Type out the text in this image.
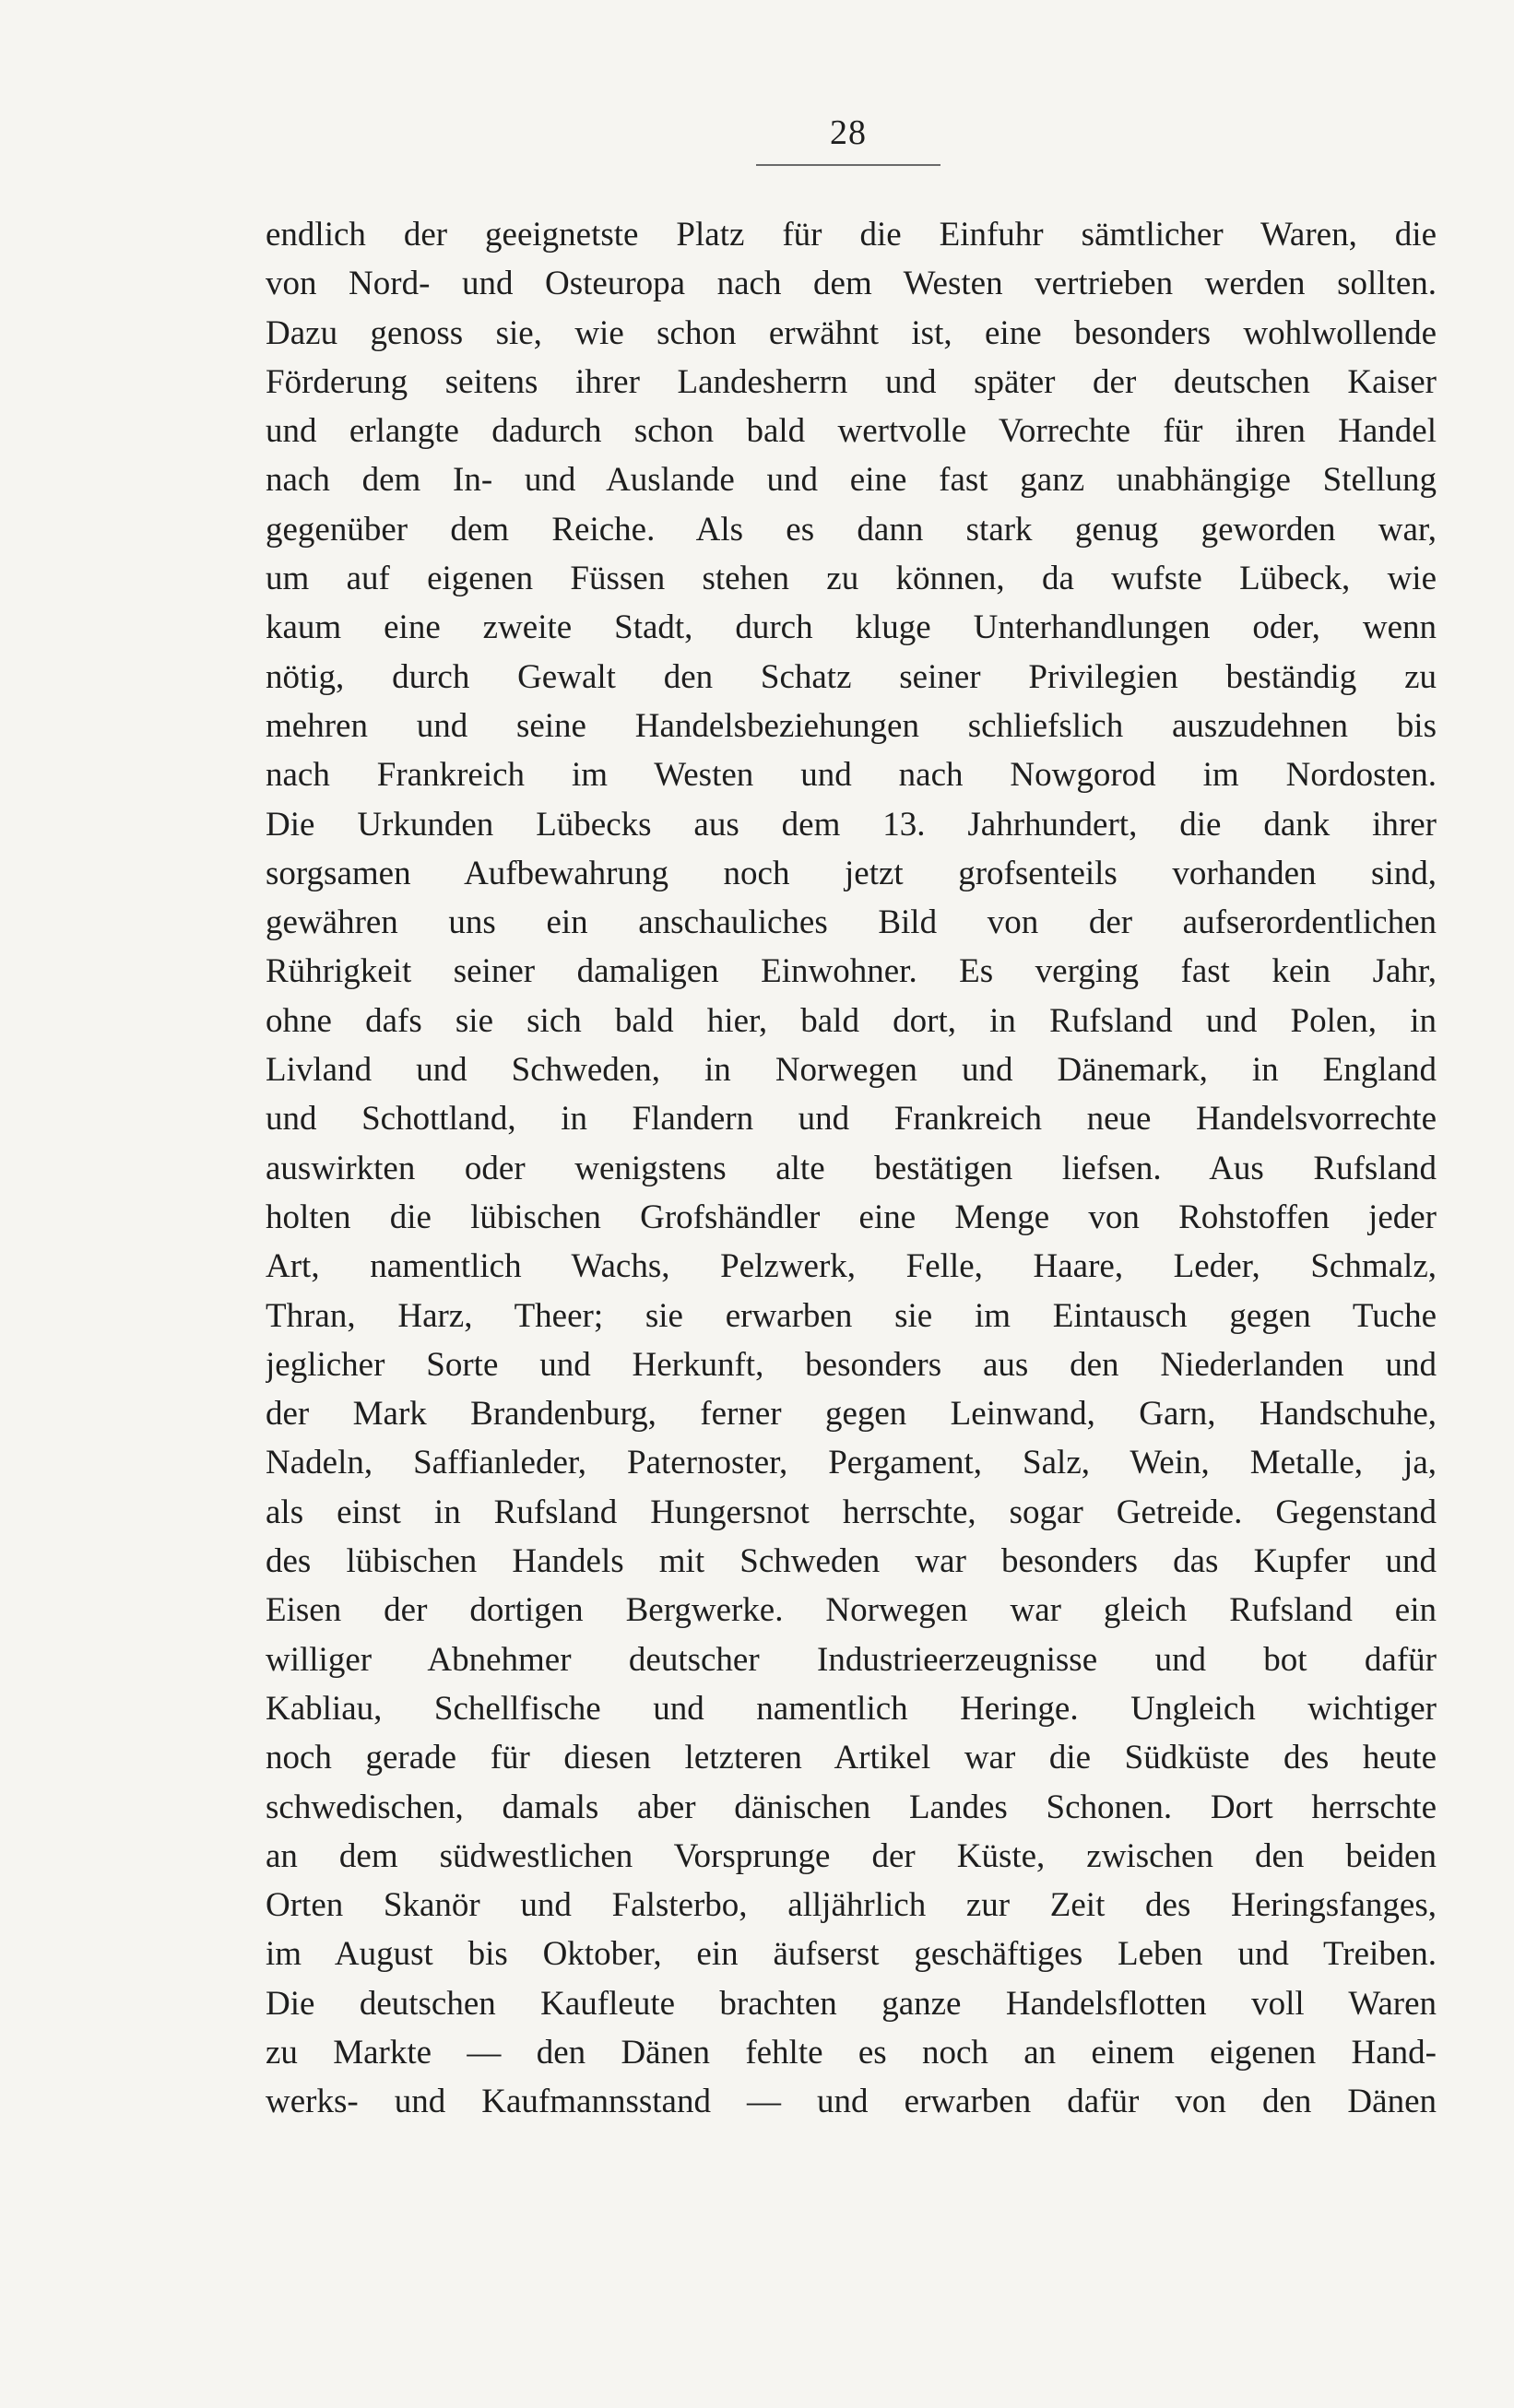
28
endlich der geeignetste Platz für die Einfuhr sämtlicher Waren, die
von Nord- und Osteuropa nach dem Westen vertrieben werden sollten.
Dazu genoss sie, wie schon erwähnt ist, eine besonders wohlwollende
Förderung seitens ihrer Landesherrn und später der deutschen Kaiser
und erlangte dadurch schon bald wertvolle Vorrechte für ihren Handel
nach dem In- und Auslande und eine fast ganz unabhängige Stellung
gegenüber dem Reiche. Als es dann stark genug geworden war,
um auf eigenen Füssen stehen zu können, da wufste Lübeck, wie
kaum eine zweite Stadt, durch kluge Unterhandlungen oder, wenn
nötig, durch Gewalt den Schatz seiner Privilegien beständig zu
mehren und seine Handelsbeziehungen schliefslich auszudehnen bis
nach Frankreich im Westen und nach Nowgorod im Nordosten.
Die Urkunden Lübecks aus dem 13. Jahrhundert, die dank ihrer
sorgsamen Aufbewahrung noch jetzt grofsenteils vorhanden sind,
gewähren uns ein anschauliches Bild von der aufserordentlichen
Rührigkeit seiner damaligen Einwohner. Es verging fast kein Jahr,
ohne dafs sie sich bald hier, bald dort, in Rufsland und Polen, in
Livland und Schweden, in Norwegen und Dänemark, in England
und Schottland, in Flandern und Frankreich neue Handelsvorrechte
auswirkten oder wenigstens alte bestätigen liefsen. Aus Rufsland
holten die lübischen Grofshändler eine Menge von Rohstoffen jeder
Art, namentlich Wachs, Pelzwerk, Felle, Haare, Leder, Schmalz,
Thran, Harz, Theer; sie erwarben sie im Eintausch gegen Tuche
jeglicher Sorte und Herkunft, besonders aus den Niederlanden und
der Mark Brandenburg, ferner gegen Leinwand, Garn, Handschuhe,
Nadeln, Saffianleder, Paternoster, Pergament, Salz, Wein, Metalle, ja,
als einst in Rufsland Hungersnot herrschte, sogar Getreide. Gegenstand
des lübischen Handels mit Schweden war besonders das Kupfer und
Eisen der dortigen Bergwerke. Norwegen war gleich Rufsland ein
williger Abnehmer deutscher Industrieerzeugnisse und bot dafür
Kabliau, Schellfische und namentlich Heringe. Ungleich wichtiger
noch gerade für diesen letzteren Artikel war die Südküste des heute
schwedischen, damals aber dänischen Landes Schonen. Dort herrschte
an dem südwestlichen Vorsprunge der Küste, zwischen den beiden
Orten Skanör und Falsterbo, alljährlich zur Zeit des Heringsfanges,
im August bis Oktober, ein äufserst geschäftiges Leben und Treiben.
Die deutschen Kaufleute brachten ganze Handelsflotten voll Waren
zu Markte — den Dänen fehlte es noch an einem eigenen Hand-
werks- und Kaufmannsstand — und erwarben dafür von den Dänen
